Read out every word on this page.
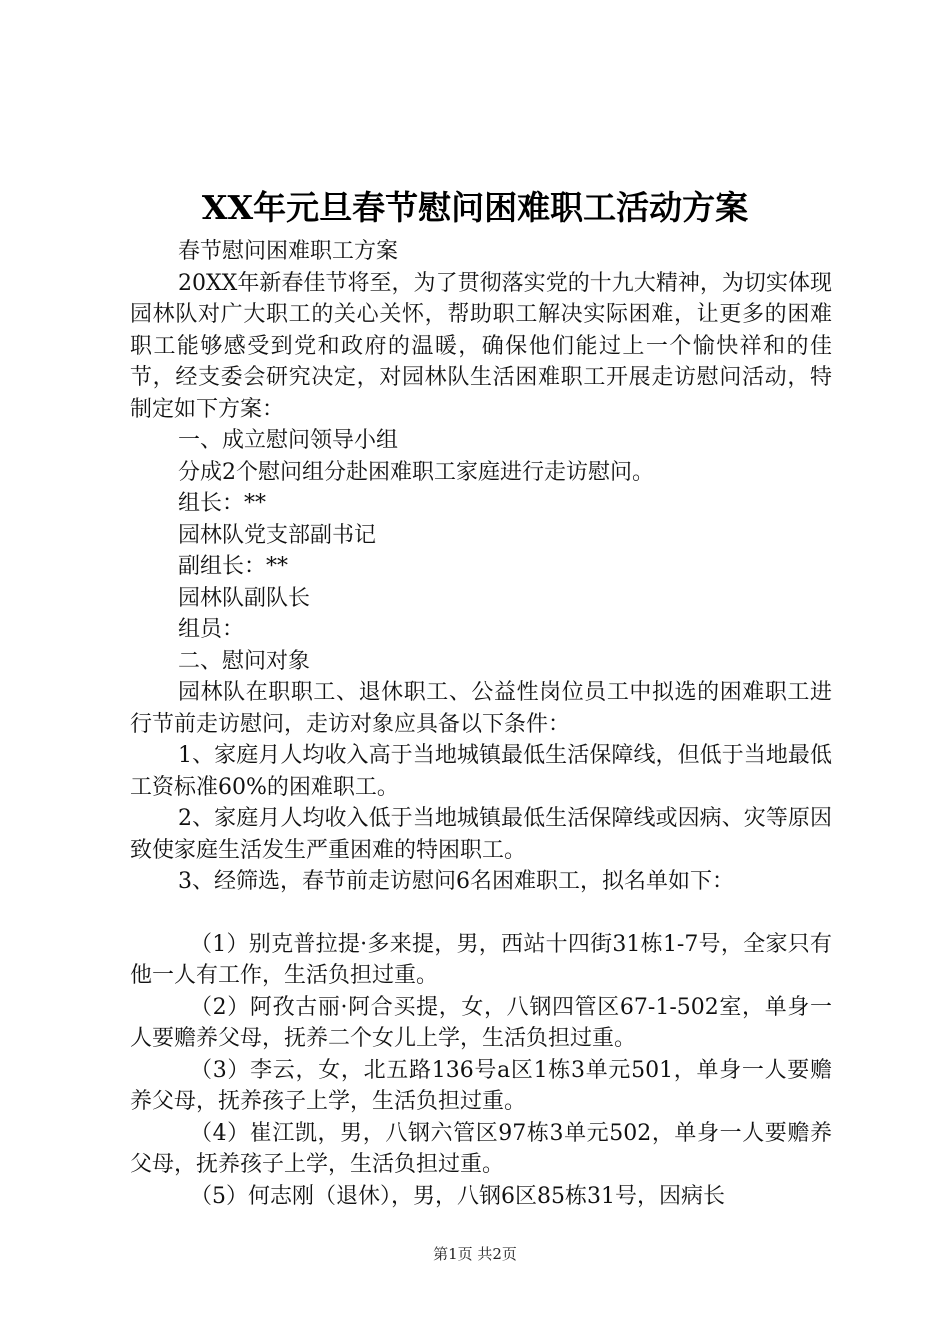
XX年元旦春节慰问困难职工活动方案

春节慰问困难职工方案

20XX年新春佳节将至，为了贯彻落实党的十九大精神，为切实体现园林队对广大职工的关心关怀，帮助职工解决实际困难，让更多的困难职工能够感受到党和政府的温暖，确保他们能过上一个愉快祥和的佳节，经支委会研究决定，对园林队生活困难职工开展走访慰问活动，特制定如下方案：

一、成立慰问领导小组

分成2个慰问组分赴困难职工家庭进行走访慰问。

组长：**

园林队党支部副书记

副组长：**

园林队副队长

组员：

二、慰问对象

园林队在职职工、退休职工、公益性岗位员工中拟选的困难职工进行节前走访慰问，走访对象应具备以下条件：

1、家庭月人均收入高于当地城镇最低生活保障线，但低于当地最低工资标准60%的困难职工。

2、家庭月人均收入低于当地城镇最低生活保障线或因病、灾等原因致使家庭生活发生严重困难的特困职工。

3、经筛选，春节前走访慰问6名困难职工，拟名单如下：

（1）别克普拉提·多来提，男，西站十四街31栋1-7号，全家只有他一人有工作，生活负担过重。

（2）阿孜古丽·阿合买提，女，八钢四管区67-1-502室，单身一人要赡养父母，抚养二个女儿上学，生活负担过重。

（3）李云，女，北五路136号a区1栋3单元501，单身一人要赡养父母，抚养孩子上学，生活负担过重。

（4）崔江凯，男，八钢六管区97栋3单元502，单身一人要赡养父母，抚养孩子上学，生活负担过重。

（5）何志刚（退休），男，八钢6区85栋31号，因病长

第1页 共2页
